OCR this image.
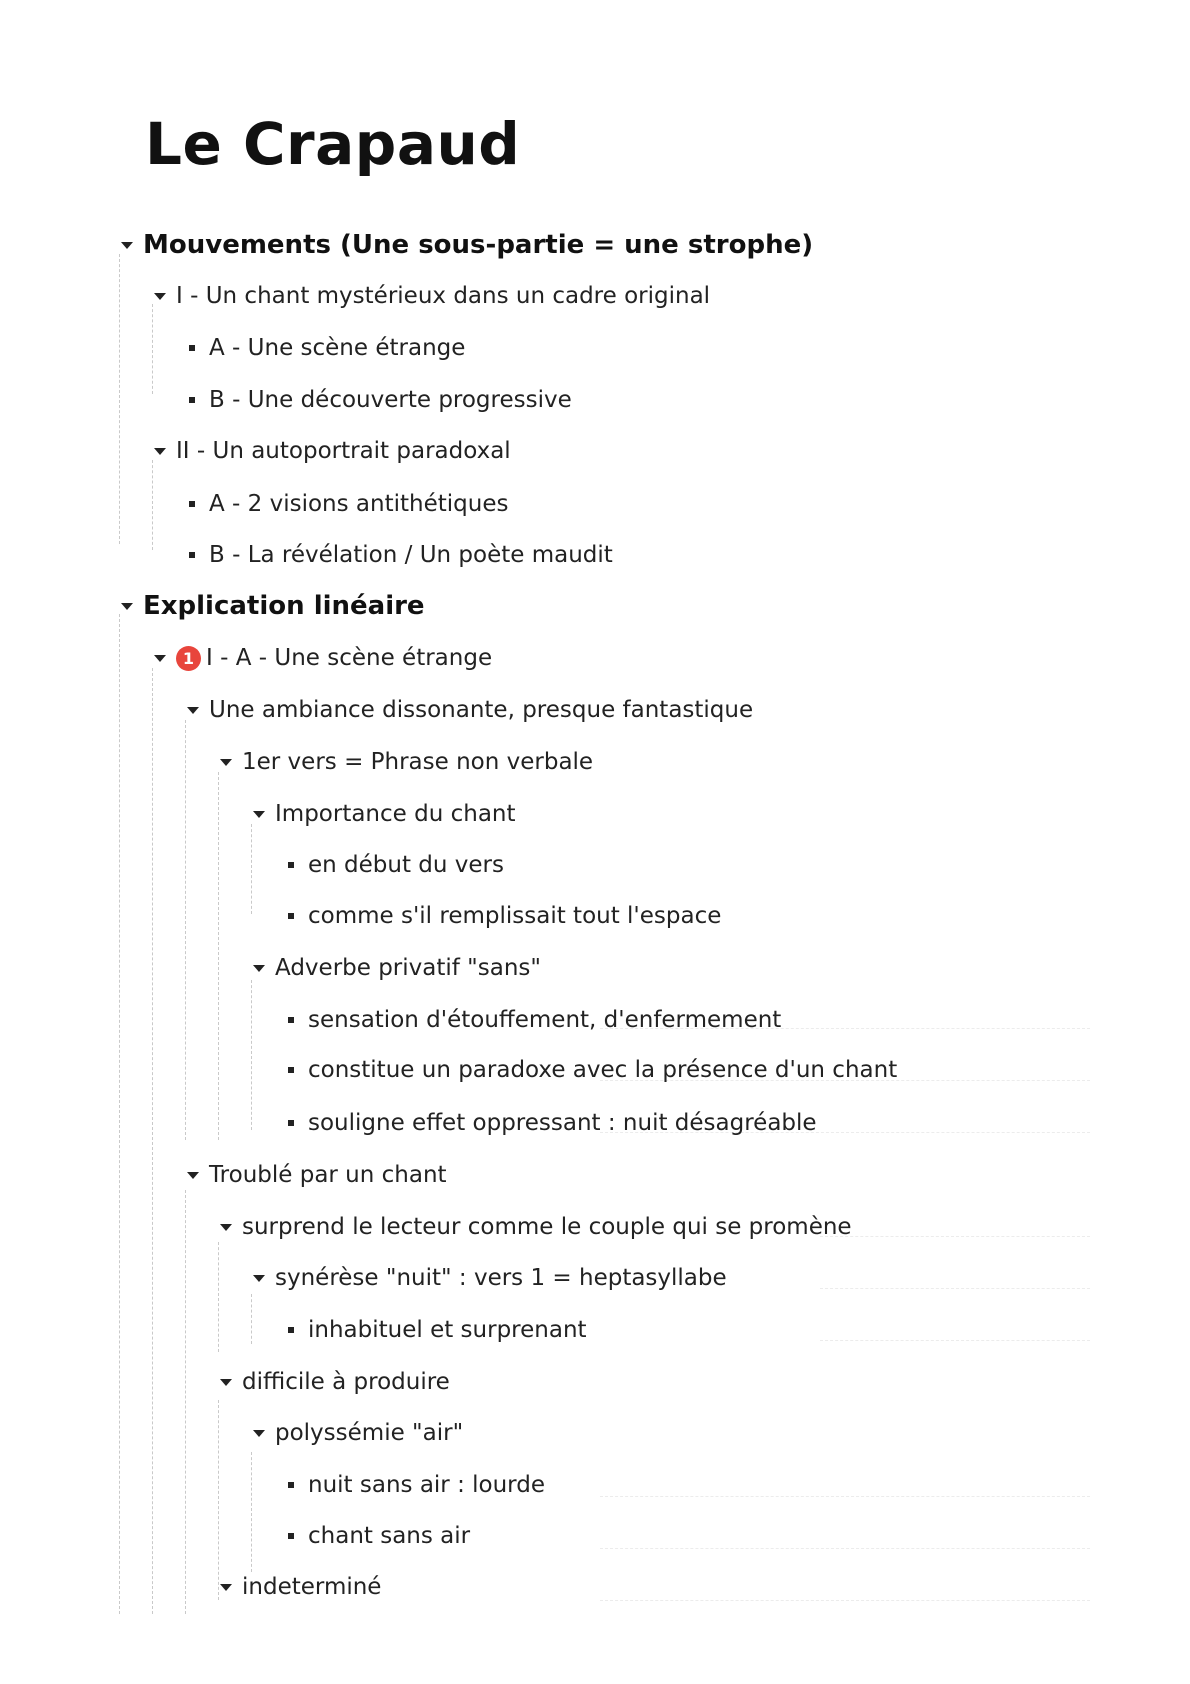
Le Crapaud
Mouvements (Une sous-partie = une strophe)
I - Un chant mystérieux dans un cadre original
A - Une scène étrange
B - Une découverte progressive
II - Un autoportrait paradoxal
A - 2 visions antithétiques
B - La révélation / Un poète maudit
Explication linéaire
1 I - A - Une scène étrange
Une ambiance dissonante, presque fantastique
1er vers = Phrase non verbale
Importance du chant
en début du vers
comme s'il remplissait tout l'espace
Adverbe privatif "sans"
sensation d'étouffement, d'enfermement
constitue un paradoxe avec la présence d'un chant
souligne effet oppressant : nuit désagréable
Troublé par un chant
surprend le lecteur comme le couple qui se promène
synérèse "nuit" : vers 1 = heptasyllabe
inhabituel et surprenant
difficile à produire
polyssémie "air"
nuit sans air : lourde
chant sans air
indeterminé
